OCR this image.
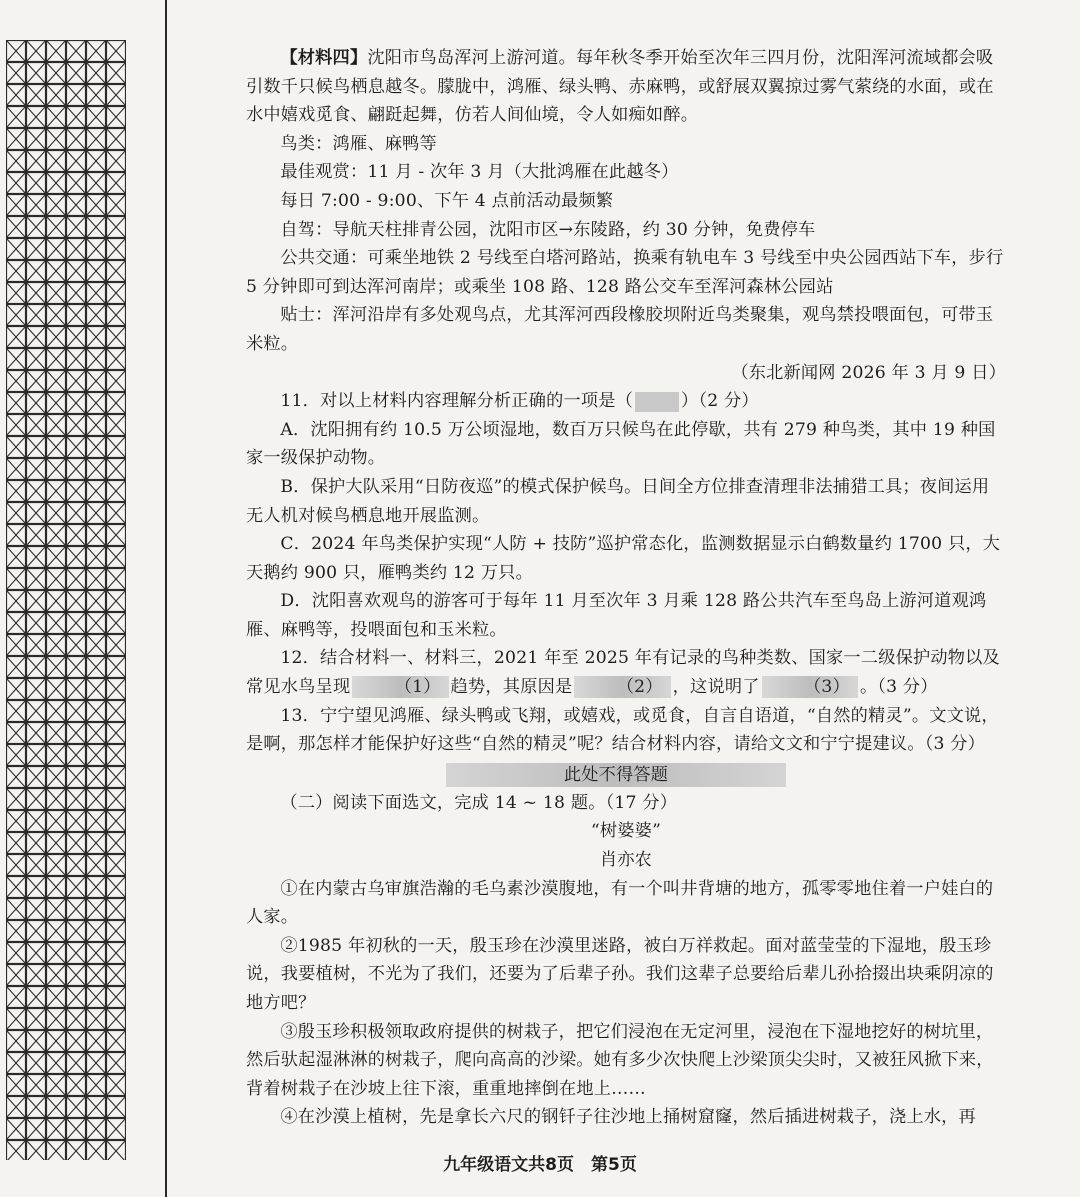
【材料四】沈阳市鸟岛浑河上游河道。每年秋冬季开始至次年三四月份，沈阳浑河流域都会吸引数千只候鸟栖息越冬。朦胧中，鸿雁、绿头鸭、赤麻鸭，或舒展双翼掠过雾气萦绕的水面，或在水中嬉戏觅食、翩跹起舞，仿若人间仙境，令人如痴如醉。

鸟类：鸿雁、麻鸭等

最佳观赏：11 月 - 次年 3 月（大批鸿雁在此越冬）

每日 7:00 - 9:00、下午 4 点前活动最频繁

自驾：导航天柱排青公园，沈阳市区→东陵路，约 30 分钟，免费停车

公共交通：可乘坐地铁 2 号线至白塔河路站，换乘有轨电车 3 号线至中央公园西站下车，步行 5 分钟即可到达浑河南岸；或乘坐 108 路、128 路公交车至浑河森林公园站

贴士：浑河沿岸有多处观鸟点，尤其浑河西段橡胶坝附近鸟类聚集，观鸟禁投喂面包，可带玉米粒。

（东北新闻网 2026 年 3 月 9 日）

11．对以上材料内容理解分析正确的一项是（	）（2 分）

A．沈阳拥有约 10.5 万公顷湿地，数百万只候鸟在此停歇，共有 279 种鸟类，其中 19 种国家一级保护动物。

B．保护大队采用“日防夜巡”的模式保护候鸟。日间全方位排查清理非法捕猎工具；夜间运用无人机对候鸟栖息地开展监测。

C．2024 年鸟类保护实现“人防 + 技防”巡护常态化，监测数据显示白鹤数量约 1700 只，大天鹅约 900 只，雁鸭类约 12 万只。

D．沈阳喜欢观鸟的游客可于每年 11 月至次年 3 月乘 128 路公共汽车至鸟岛上游河道观鸿雁、麻鸭等，投喂面包和玉米粒。

12．结合材料一、材料三，2021 年至 2025 年有记录的鸟种类数、国家一二级保护动物以及常见水鸟呈现	（1） 趋势，其原因是	（2） ，这说明了	（3） 。（3 分）

13．宁宁望见鸿雁、绿头鸭或飞翔，或嬉戏，或觅食，自言自语道，“自然的精灵”。文文说，是啊，那怎样才能保护好这些“自然的精灵”呢？结合材料内容，请给文文和宁宁提建议。（3 分）

此处不得答题

（二）阅读下面选文，完成 14 ~ 18 题。（17 分）

“树婆婆”

肖亦农

①在内蒙古乌审旗浩瀚的毛乌素沙漠腹地，有一个叫井背塘的地方，孤零零地住着一户娃白的人家。

②1985 年初秋的一天，殷玉珍在沙漠里迷路，被白万祥救起。面对蓝莹莹的下湿地，殷玉珍说，我要植树，不光为了我们，还要为了后辈子孙。我们这辈子总要给后辈儿孙拾掇出块乘阴凉的地方吧？

③殷玉珍积极领取政府提供的树栽子，把它们浸泡在无定河里，浸泡在下湿地挖好的树坑里，然后驮起湿淋淋的树栽子，爬向高高的沙梁。她有多少次快爬上沙梁顶尖尖时，又被狂风掀下来，背着树栽子在沙坡上往下滚，重重地摔倒在地上……

④在沙漠上植树，先是拿长六尺的钢钎子往沙地上捅树窟窿，然后插进树栽子，浇上水，再

九年级语文共8页　第5页
